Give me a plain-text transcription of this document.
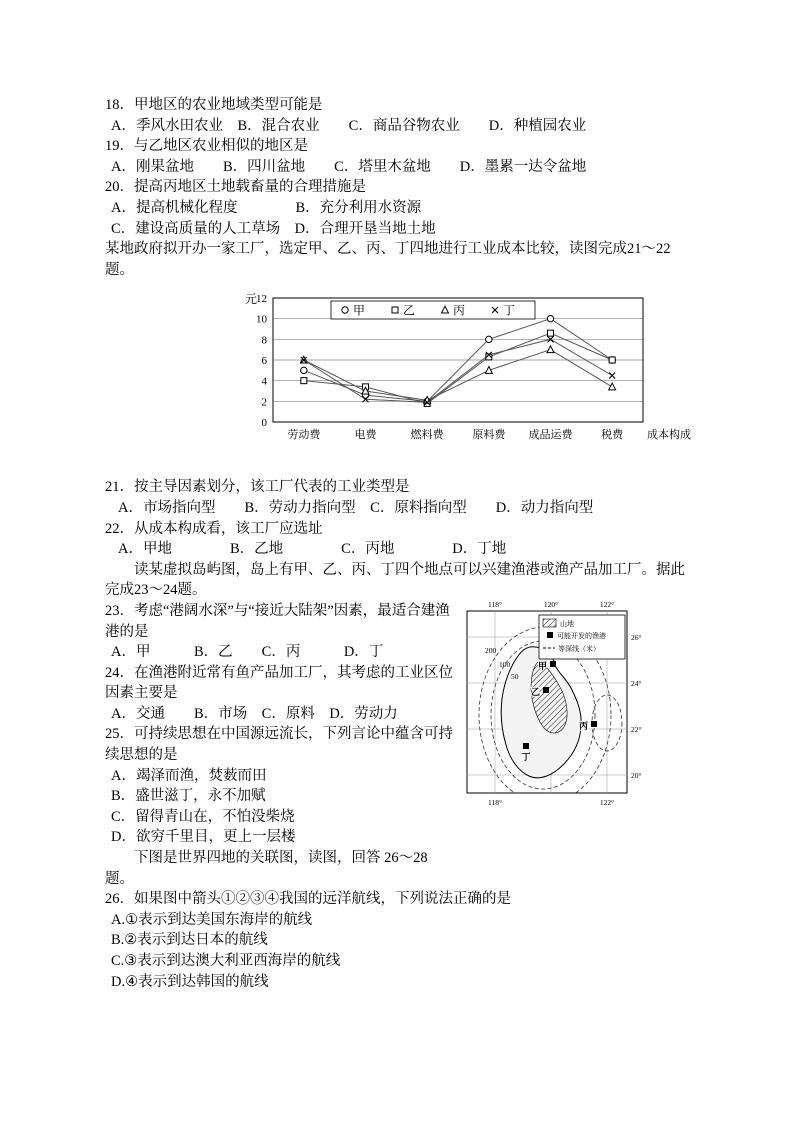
18．甲地区的农业地域类型可能是

A．季风水田农业　B．混合农业　　C．商品谷物农业　　D．种植园农业

19．与乙地区农业相似的地区是

A．刚果盆地　　B．四川盆地　　C．塔里木盆地　　D．墨累一达令盆地

20．提高丙地区土地载畜量的合理措施是

A．提高机械化程度　　　　B．充分利用水资源

C．建设高质量的人工草场　D．合理开垦当地土地

某地政府拟开办一家工厂，选定甲、乙、丙、丁四地进行工业成本比较，读图完成21～22题。

0
2
4
6
8
10
12
元
劳动费	电费	燃料费	原料费 成品运费	税费 成本构成
甲	乙	丙	丁

21．按主导因素划分，该工厂代表的工业类型是

A．市场指向型　　B．劳动力指向型　C．原料指向型　　D．动力指向型

22．从成本构成看，该工厂应选址

A．甲地　　　　B．乙地　　　　C．丙地　　　　D．丁地

读某虚拟岛屿图，岛上有甲、乙、丙、丁四个地点可以兴建渔港或渔产品加工厂。据此完成23～24题。

23．考虑“港阔水深”与“接近大陆架”因素，最适合建渔港的是

A．甲　　　B．乙　　C．丙　　　D．丁

24．在渔港附近常有鱼产品加工厂，其考虑的工业区位因素主要是

A．交通　　B．市场　C．原料　D．劳动力

25．可持续思想在中国源远流长，下列言论中蕴含可持续思想的是

A．竭泽而渔，焚薮而田

B．盛世滋丁，永不加赋

C．留得青山在，不怕没柴烧

D．欲穷千里目，更上一层楼

下图是世界四地的关联图，读图，回答 26～28题。

200
100
50
甲
乙
丙
丁
山地
可能开发的渔港
等深线（米）
118°	120°	122°
118°	122°
26°
24°
22°
20°

26．如果图中箭头①②③④我国的远洋航线，下列说法正确的是

A.①表示到达美国东海岸的航线

B.②表示到达日本的航线

C.③表示到达澳大利亚西海岸的航线

D.④表示到达韩国的航线
